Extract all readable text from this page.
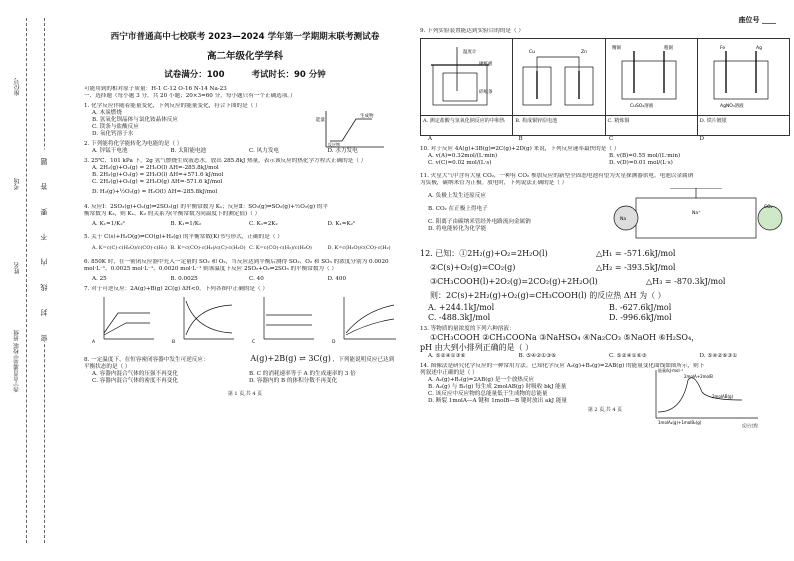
座位号
考场
姓名
西宁市普通高中校联 班级
密 封 线 内 不 要 答 题
西宁市普通高中七校联考 2023—2024 学年第一学期期末联考测试卷
高二年级化学学科
试卷满分：100	考试时长：90 分钟
可能用到的相对原子质量：H-1 C-12 O-16 N-14 Na-23
一、选择题（每小题 3 分，共 20 小题；20×3=60 分，每小题只有一个正确选项。）
1. 化学反应伴随着能量变化，下列反应的能量变化，符合下图的是（ ）
A. 木炭燃烧
B. 氢氧化钡晶体与氯化铵晶体反应
C. 镁条与盐酸反应
D. 氧化钙溶于水
能量
生成物
反应物
2. 下列能将化学能转化为电能的是（ ）
A. 锌锰干电池	B. 太阳能电池	C. 风力发电	D. 水力发电
3. 25℃、101 kPa 下，2g 氢气燃烧生成液态水，放出 285.8kJ 热量，表示该反应的热化学方程式正确的是（ ）
A. 2H₂(g)+O₂(g) = 2H₂O(l) ΔH=-285.8kJ/mol
B. 2H₂(g)+O₂(g) = 2H₂O(l) ΔH=+571.6 kJ/mol
C. 2H₂(g)+O₂(g) = 2H₂O(g) ΔH=-571.6 kJ/mol
D. H₂(g)+½O₂(g) = H₂O(l) ΔH=-285.8kJ/mol
4. 反应Ⅰ：2SO₂(g)+O₂(g)⇌2SO₃(g) 的平衡常数为 K₁；反应Ⅱ：SO₃(g)⇌SO₂(g)+½O₂(g) 的平
衡常数为 K₂，则 K₁、K₂ 的关系为(平衡常数为同温度下的测定值)（ ）
A. K₁=1/K₂²	B. K₁=1/K₂	C. K₁=2K₂	D. K₁=K₂²
5. 关于 C(s)+H₂O(g)⇌CO(g)+H₂(g) 的平衡常数(K)书写形式，正确的是（ ）
A. K=c(C)·c(H₂O)/c(CO)·c(H₂) B. K=c(CO)·c(H₂)/c(C)·c(H₂O) C. K=c(CO)·c(H₂)/c(H₂O)	D. K=c(H₂O)/c(CO)·c(H₂)
6. 850K 时，在一密闭反应器中充入一定量的 SO₂ 和 O₂，当反应达到平衡后测得 SO₂、O₂ 和 SO₃ 的浓度分别为 0.0020
mol·L⁻¹、0.0025 mol·L⁻¹、0.0020 mol·L⁻¹ 则该温度下反应 2SO₂+O₂⇌2SO₃ 的平衡常数为（ ）
A. 25	B. 0.0025	C. 40	D. 400
7. 对于可逆反应：2A(g)+B(g) 2C(g) ΔH<0，下列各图中正确的是（ ）
A	B	C	D
8. 一定温度下，在恒容密闭容器中发生可逆反应：	A(g)+2B(g) ⇌ 3C(g) ，下列能说明反应已达到
平衡状态的是（ ）
A. 容器内混合气体的压强不再变化	B. C 的消耗速率等于 A 的生成速率的 3 倍
C. 容器内混合气体的密度不再变化	D. 容器内的 B 的体积分数不再变化
第 1 页,共 4 页
座位号 ____
9. 下列实验装置能达到实验目的的是（ ）
温度计
硬纸板
碎纸条	Cu Zn	精铜 粗铜
CuSO₄溶液	Fe Ag
AgNO₃溶液

A. 测定盐酸与氢氧化钠反应的中和热	B. 构成铜锌原电池	C. 精炼铜	D. 铁片镀银
A	B	C	D
10. 对于反应 4A(g)+3B(g)⇌2C(g)+2D(g) 来说，下列反应速率最快的是（ ）
A. v(A)=0.32mol/(L·min)	B. v(B)=0.55 mol/(L·min)
C. v(C)=0.02 mol/(L·s)	D. v(D)=0.01 mol/(L·s)
11. 火星大气中含有大量 CO₂，一种有 CO₂ 参加反应的新型全固态电池有望为火星探测器供电。电池以金属钠
为负极，碳纳米管为正极。放电时，下列说法正确的是（ ）
A. 负极上发生还原反应
B. CO₂ 在正极上得电子
C. 阳离子由碳纳米管经外电路流向金属钠
D. 将电能转化为化学能
Na
Na⁺
CO₂
12. 已知：①2H₂(g)+O₂=2H₂O(l)	△H₁ = -571.6kJ/mol
②C(s)+O₂(g)=CO₂(g)	△H₂ = -393.5kJ/mol
③CH₃COOH(l)+2O₂(g)=2CO₂(g)+2H₂O(l)	△H₃ = -870.3kJ/mol
则：2C(s)+2H₂(g)+O₂(g)=CH₃COOH(l) 的反应热 ΔH 为（ ）
A. +244.1kJ/mol	B. -627.6kJ/mol
C. -488.3kJ/mol	D. -996.6kJ/mol
13. 等物质的量浓度的下列六种溶液：
①CH₃COOH ②CH₃COONa ③NaHSO₄ ④Na₂CO₃ ⑤NaOH ⑥H₂SO₄，
pH 由大到小排列正确的是（ ）
A. ⑤②④①③⑥	B. ⑤④②①③⑥	C. ⑤②④①⑥③	D. ⑤④②⑥③①
14. 图像法是研究化学反应的一种常用方法。已知化学反应 A₂(g)+B₂(g)=2AB(g) 的能量变化曲线如图所示，则下
列叙述中正确的是（ ）
A. A₂(g)+B₂(g)=2AB(g) 是一个放热反应
B. A₂(g) 与 B₂(g) 每生成 2molAB(g) 时吸收 bkJ 能量
C. 该反应中反应物的总能量低于生成物的总能量
D. 断裂 1molA—A 键和 1molB—B 键时放出 akJ 能量
能量/kJ·mol⁻¹
2molA+2molB
2molAB(g)
1molA₂(g)+1molB₂(g)
反应过程
第 2 页,共 4 页
